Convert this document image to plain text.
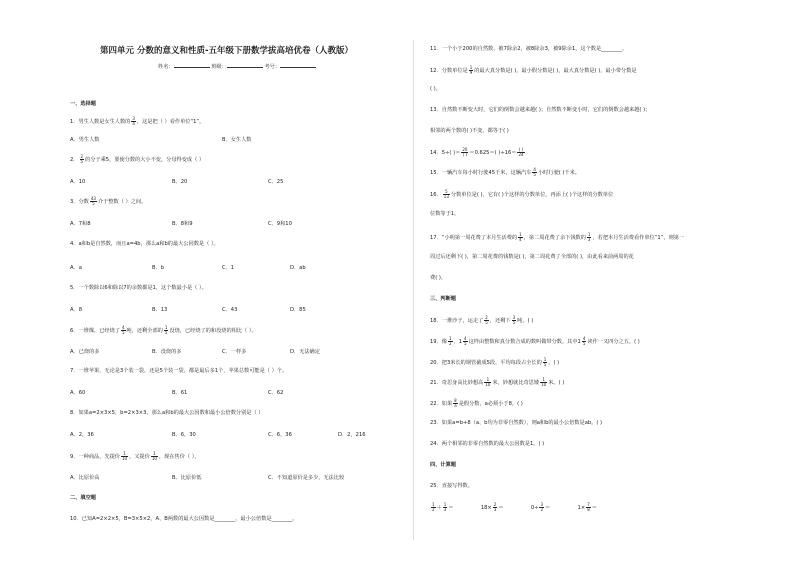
第四单元 分数的意义和性质-五年级下册数学拔高培优卷（人教版）
姓名：	班级：	考号：
一、选择题
1．男生人数是女生人数的 $\frac{3}{4}$ ，这是把（ ）看作单位“1”。
A．男生人数	B．女生人数
2． $\frac{2}{5}$ 的分子乘5，要使分数的大小不变，分母得变成（ ）
A．10	B．20	C．25
3．分数 $\frac{43}{5}$ 介于整数（ ）之间。
A．7和8	B．8和9	C．9和10
4．a和b是自然数，而且a=4b，那么a和b的最大公因数是（ ）。
A．a	B．b	C．1	D．ab
5．一个数除以6和除以7的余数都是1，这个数最小是（ ）。
A．8	B．13	C．43	D．85
6．一堆煤，已经烧了 $\frac{4}{5}$ 吨，还剩全部的 $\frac{1}{5}$ 没烧，已经烧了的和没烧的相比（ ）。
A．已烧的多	B．没烧的多	C．一样多	D．无法确定
7．一堆苹果，无论是3个装一袋，还是5个装一袋，都是最后多1个，苹果总数可能是（ ）个。
A．60	B．61	C．62
8．如果a=2×3×5，b=2×3×3，那么a和b的最大公因数和最小公倍数分别是（ ）
A．2，36	B．6，30	C．6，36	D．2，216
9．一种商品，先提价 $\frac{1}{10}$ ，又提价 $\frac{1}{10}$ ，现在售价（ ）。
A．比原价高	B．比原价低	C．不知道原价是多少，无法比较
二、填空题
10．已知A=2×2×5，B=3×5×2，A、B两数的最大公因数是________，最小公倍数是________。
11．一个小于200的自然数，被7除余2，被8除余3，被9除余1，这个数是________。
12．分数单位是 $\frac{1}{9}$ 的最大真分数是( )，最小假分数是( )，最大真分数是( )，最小带分数是
( )。
13．自然数不断变大时，它们的倒数会越来越( )；自然数不断变小时，它们的倒数会越来越( )；
相邻的两个数的( )不变，都等于( )
14．5÷( )＝ $\frac{20}{( )} =0.625=$( )$\div 16= \frac{( )}{24}$
15．一辆汽车每小时行驶45千米，这辆汽车 $\frac{4}{5}$ 小时行驶( )千米。
16． $\frac{5}{13}$ 分数单位是( )，它有( )个这样的分数单位，再添上( )个这样的分数单位
位数等于1。
17．“小明第一周花费了本月生活费的 $\frac{1}{4}$ ，第二周花费了余下钱数的 $\frac{1}{3}$ ，若把本月生活费看作单位“1”，则第一
周过后还剩下( )，第二周花费的钱数是( )，第二周花费了全部的( )，由此看来前两周的花
费( )。
三、判断题
18．一堆沙子，运走了 $\frac{2}{5}$ ，还剩下 $\frac{3}{5}$ 吨。( )
19．像 $\frac{1}{2}$ 、$1 \frac{4}{5}$ 这样由整数和真分数合成的数叫做带分数。其中$1 \frac{4}{5}$ 读作一又四分之五。( )
20．把3米长的钢管截成5段，平均每段占全长的 $\frac{1}{5}$ 。( )
21．奇思身高比妙想高 $\frac{1}{10}$ 米，妙想就比奇思矮 $\frac{1}{10}$ 米。( )
22．如果 $\frac{8}{a}$ 是假分数，a必须小于8。( )
23．如果a=b+8（a、b均为非零自然数），则a和b的最小公倍数是ab。( )
24．两个相邻的非零自然数的最大公因数是1。( )
四、计算题
25．直接写得数。
$\frac{1}{2} + \frac{1}{3}$ ＝	$18\times \frac{2}{3}$ ＝	$0\div \frac{3}{2}$ ＝	$1\times \frac{7}{8}$ ＝
